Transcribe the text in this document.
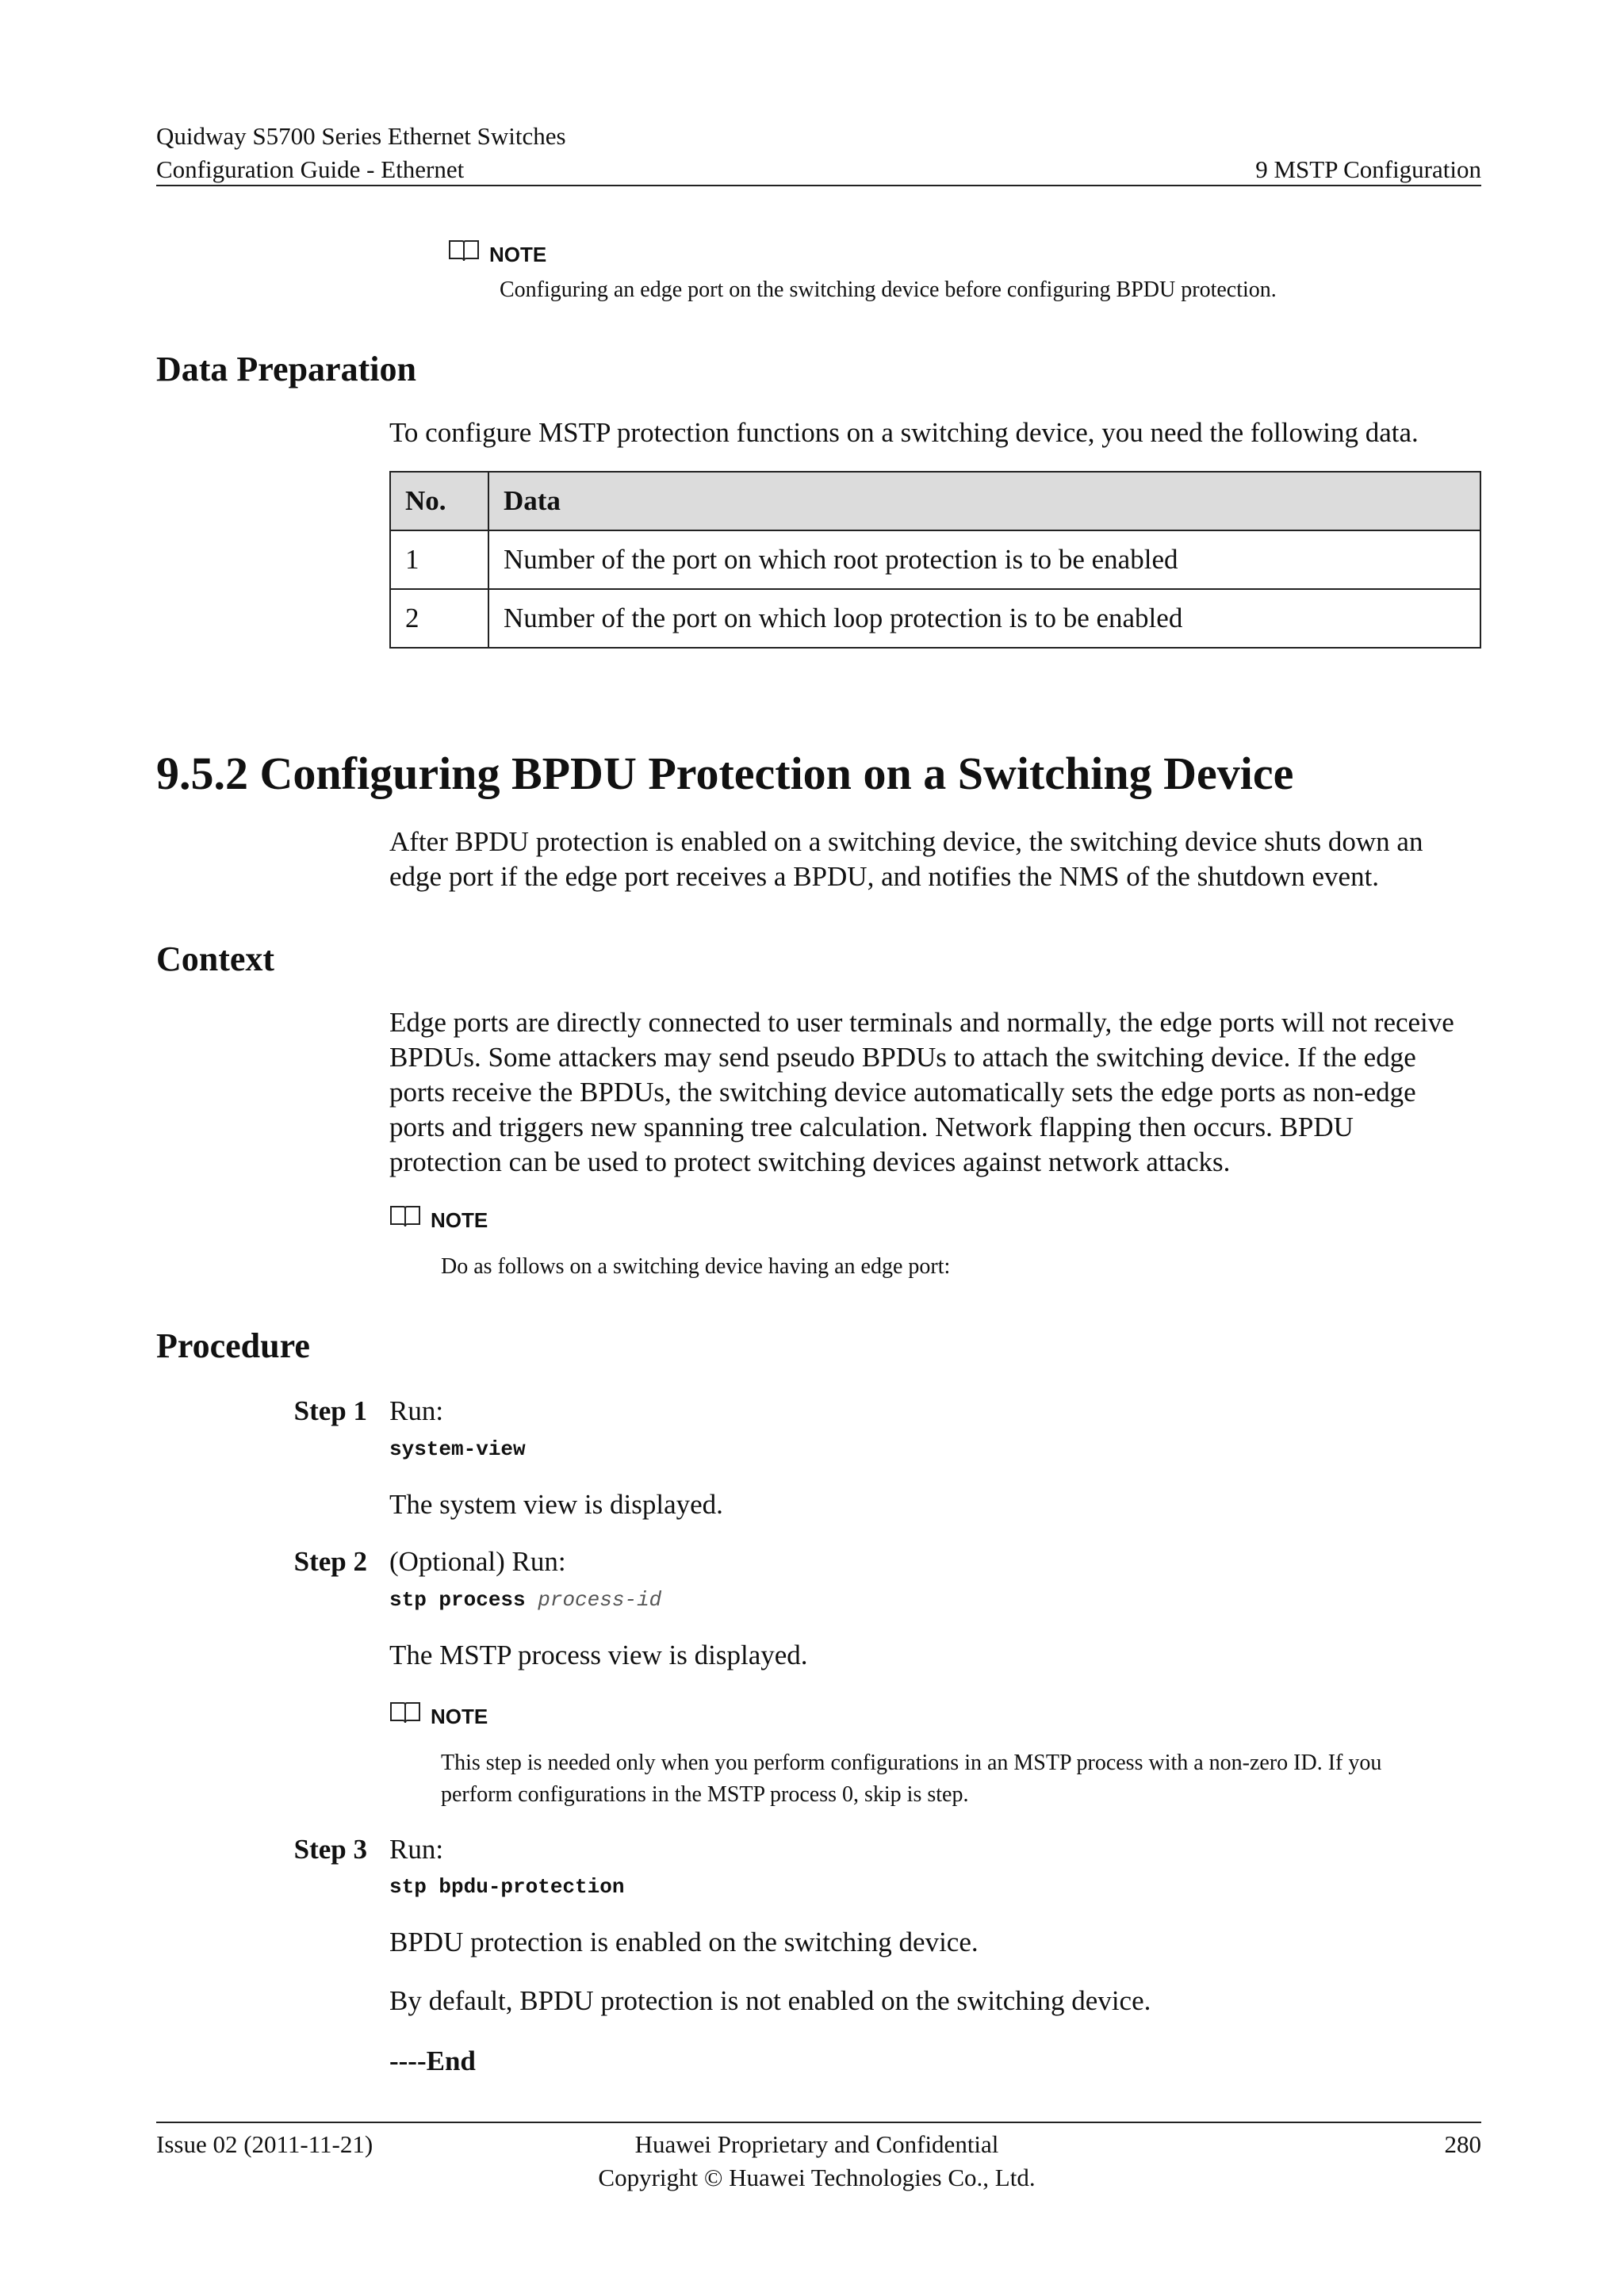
Quidway S5700 Series Ethernet Switches
Configuration Guide - Ethernet	9 MSTP Configuration
NOTE
Configuring an edge port on the switching device before configuring BPDU protection.
Data Preparation
To configure MSTP protection functions on a switching device, you need the following data.
No.	Data
1	Number of the port on which root protection is to be enabled
2	Number of the port on which loop protection is to be enabled
9.5.2 Configuring BPDU Protection on a Switching Device
After BPDU protection is enabled on a switching device, the switching device shuts down an
edge port if the edge port receives a BPDU, and notifies the NMS of the shutdown event.
Context
Edge ports are directly connected to user terminals and normally, the edge ports will not receive
BPDUs. Some attackers may send pseudo BPDUs to attach the switching device. If the edge
ports receive the BPDUs, the switching device automatically sets the edge ports as non-edge
ports and triggers new spanning tree calculation. Network flapping then occurs. BPDU
protection can be used to protect switching devices against network attacks.
NOTE
Do as follows on a switching device having an edge port:
Procedure
Step 1 Run:
system-view
The system view is displayed.
Step 2 (Optional) Run:
stp process process-id
The MSTP process view is displayed.
NOTE
This step is needed only when you perform configurations in an MSTP process with a non-zero ID. If you
perform configurations in the MSTP process 0, skip is step.
Step 3 Run:
stp bpdu-protection
BPDU protection is enabled on the switching device.
By default, BPDU protection is not enabled on the switching device.
----End
Issue 02 (2011-11-21)	Huawei Proprietary and Confidential
Copyright © Huawei Technologies Co., Ltd.
280
